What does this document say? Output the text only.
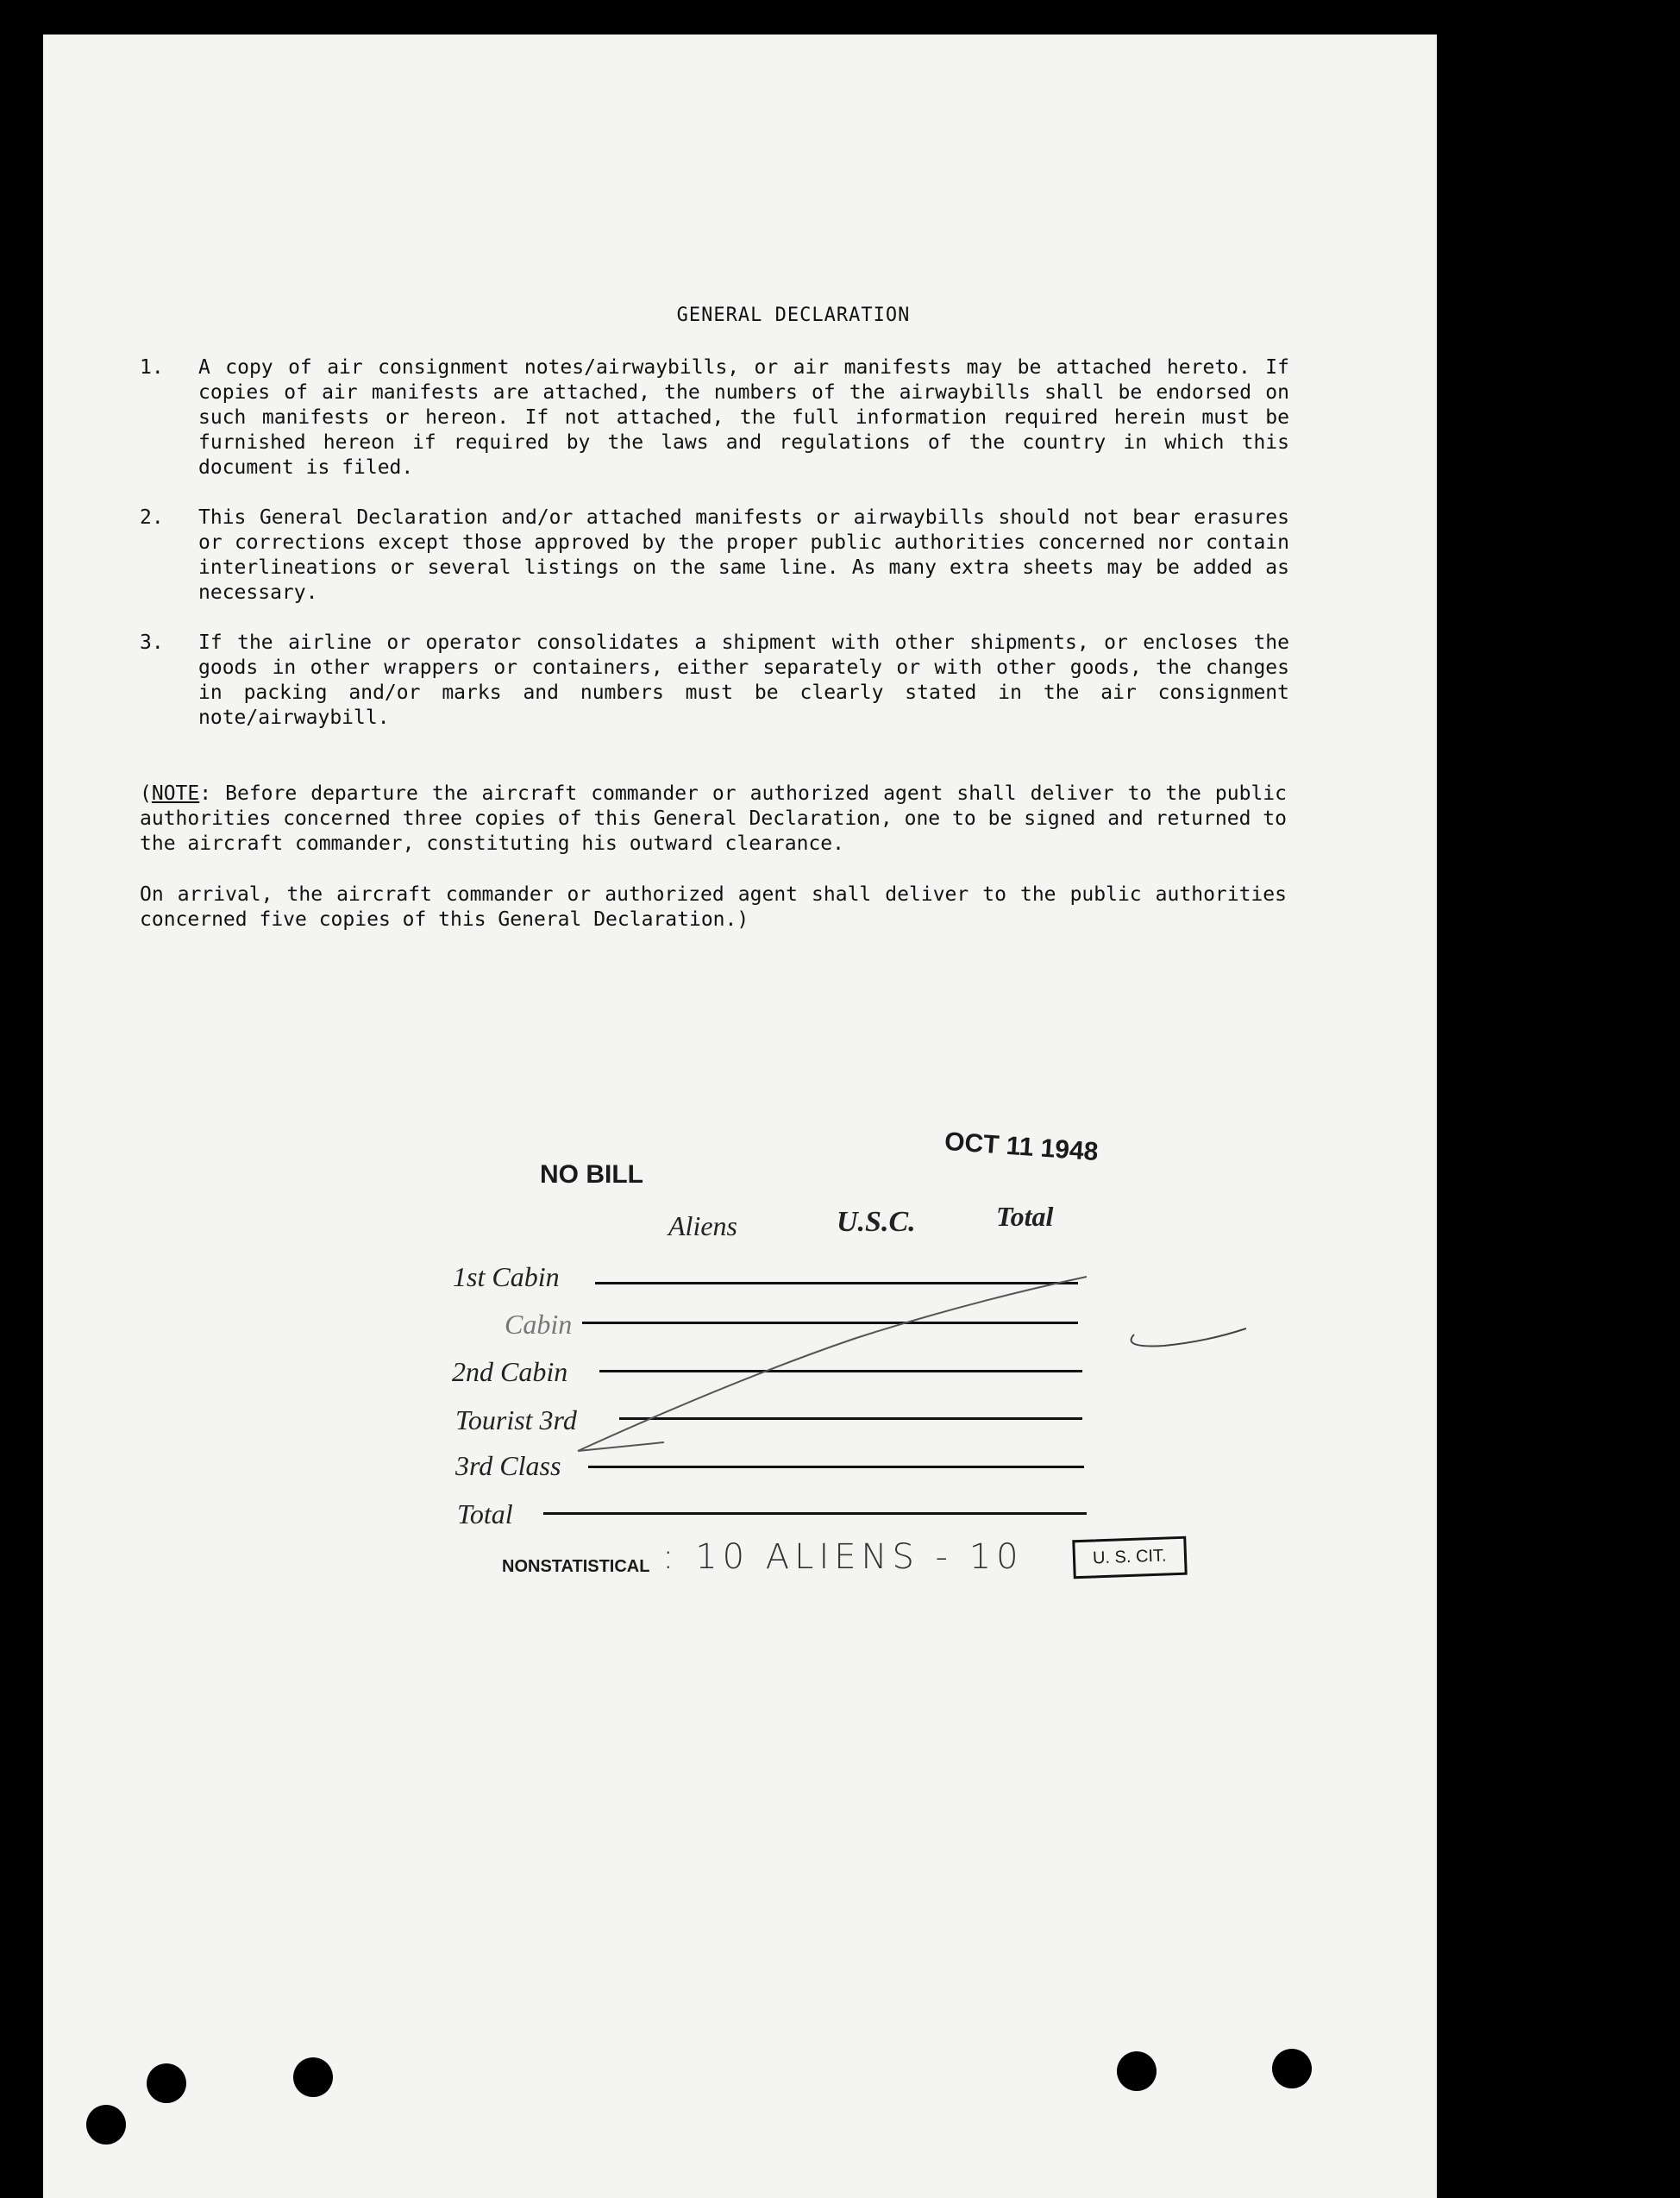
GENERAL DECLARATION
1.	A copy of air consignment notes/airwaybills, or air manifests may be attached hereto. If copies of air manifests are attached, the numbers of the airwaybills shall be endorsed on such manifests or hereon. If not attached, the full information required herein must be furnished hereon if required by the laws and regulations of the country in which this document is filed.
2.	This General Declaration and/or attached manifests or airwaybills should not bear erasures or corrections except those approved by the proper public authorities concerned nor contain interlineations or several listings on the same line. As many extra sheets may be added as necessary.
3.	If the airline or operator consolidates a shipment with other shipments, or encloses the goods in other wrappers or containers, either separately or with other goods, the changes in packing and/or marks and numbers must be clearly stated in the air consignment note/airwaybill.
(NOTE: Before departure the aircraft commander or authorized agent shall deliver to the public authorities concerned three copies of this General Declaration, one to be signed and returned to the aircraft commander, constituting his outward clearance.
On arrival, the aircraft commander or authorized agent shall deliver to the public authorities concerned five copies of this General Declaration.)
NO BILL
OCT 11 1948
Aliens	U.S.C.	Total
1st Cabin
Cabin
2nd Cabin
Tourist 3rd
3rd Class
Total
NONSTATISTICAL : 10 ALIENS - 10	U. S. CIT.
